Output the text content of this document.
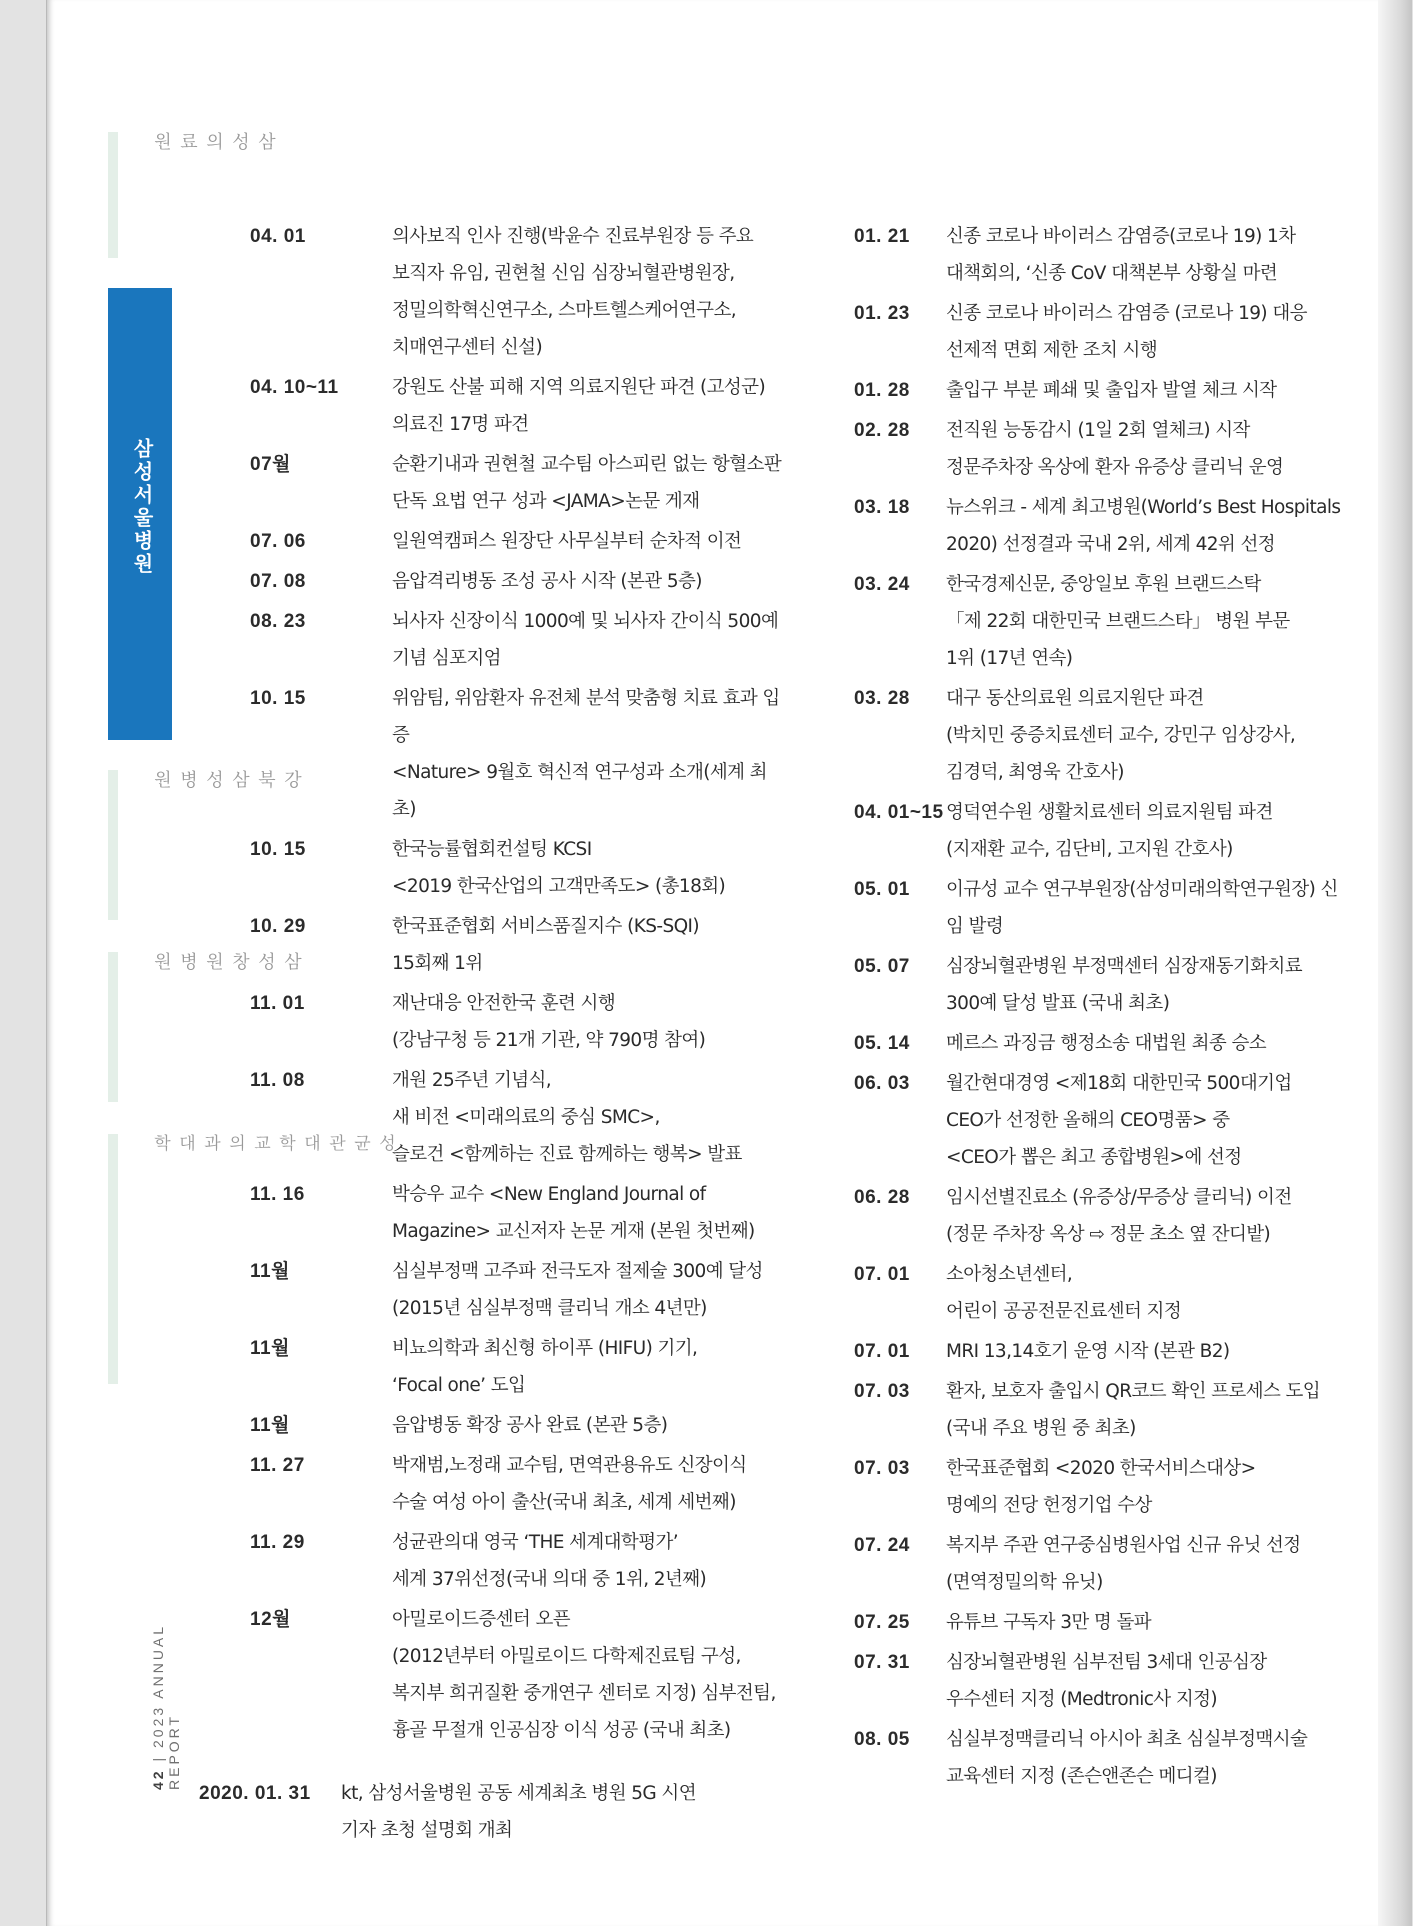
삼성의료원
삼성서울병원
강북삼성병원
삼성창원병원
성균관대학교 의과대학
42 | 2023 ANNUAL REPORT
04. 01	의사보직 인사 진행(박윤수 진료부원장 등 주요
보직자 유임, 권현철 신임 심장뇌혈관병원장,
정밀의학혁신연구소, 스마트헬스케어연구소,
치매연구센터 신설)
04. 10~11	강원도 산불 피해 지역 의료지원단 파견 (고성군)
의료진 17명 파견
07월	순환기내과 권현철 교수팀 아스피린 없는 항혈소판
단독 요법 연구 성과 <JAMA>논문 게재
07. 06	일원역캠퍼스 원장단 사무실부터 순차적 이전
07. 08	음압격리병동 조성 공사 시작 (본관 5층)
08. 23	뇌사자 신장이식 1000예 및 뇌사자 간이식 500예
기념 심포지엄
10. 15	위암팀, 위암환자 유전체 분석 맞춤형 치료 효과 입증
<Nature> 9월호 혁신적 연구성과 소개(세계 최초)
10. 15	한국능률협회컨설팅 KCSI
<2019 한국산업의 고객만족도> (총18회)
10. 29	한국표준협회 서비스품질지수 (KS-SQI)
15회째 1위
11. 01	재난대응 안전한국 훈련 시행
(강남구청 등 21개 기관, 약 790명 참여)
11. 08	개원 25주년 기념식,
새 비전 <미래의료의 중심 SMC>,
슬로건 <함께하는 진료 함께하는 행복> 발표
11. 16	박승우 교수 <New England Journal of
Magazine> 교신저자 논문 게재 (본원 첫번째)
11월	심실부정맥 고주파 전극도자 절제술 300예 달성
(2015년 심실부정맥 클리닉 개소 4년만)
11월	비뇨의학과 최신형 하이푸 (HIFU) 기기,
‘Focal one’ 도입
11월	음압병동 확장 공사 완료 (본관 5층)
11. 27	박재범,노정래 교수팀, 면역관용유도 신장이식
수술 여성 아이 출산(국내 최초, 세계 세번째)
11. 29	성균관의대 영국 ‘THE 세계대학평가’
세계 37위선정(국내 의대 중 1위, 2년째)
12월	아밀로이드증센터 오픈
(2012년부터 아밀로이드 다학제진료팀 구성,
복지부 희귀질환 중개연구 센터로 지정) 심부전팀,
흉골 무절개 인공심장 이식 성공 (국내 최초)
2020. 01. 31	kt, 삼성서울병원 공동 세계최초 병원 5G 시연
기자 초청 설명회 개최
01. 21	신종 코로나 바이러스 감염증(코로나 19) 1차
대책회의, ‘신종 CoV 대책본부 상황실 마련
01. 23	신종 코로나 바이러스 감염증 (코로나 19) 대응
선제적 면회 제한 조치 시행
01. 28	출입구 부분 폐쇄 및 출입자 발열 체크 시작
02. 28	전직원 능동감시 (1일 2회 열체크) 시작
정문주차장 옥상에 환자 유증상 클리닉 운영
03. 18	뉴스위크 - 세계 최고병원(World’s Best Hospitals
2020) 선정결과 국내 2위, 세계 42위 선정
03. 24	한국경제신문, 중앙일보 후원 브랜드스탁
「제 22회 대한민국 브랜드스타」 병원 부문
1위 (17년 연속)
03. 28	대구 동산의료원 의료지원단 파견
(박치민 중증치료센터 교수, 강민구 임상강사,
김경덕, 최영욱 간호사)
04. 01~15 영덕연수원 생활치료센터 의료지원팀 파견
(지재환 교수, 김단비, 고지원 간호사)
05. 01	이규성 교수 연구부원장(삼성미래의학연구원장) 신
임 발령
05. 07	심장뇌혈관병원 부정맥센터 심장재동기화치료
300예 달성 발표 (국내 최초)
05. 14	메르스 과징금 행정소송 대법원 최종 승소
06. 03	월간현대경영 <제18회 대한민국 500대기업
CEO가 선정한 올해의 CEO명품> 중
<CEO가 뽑은 최고 종합병원>에 선정
06. 28	임시선별진료소 (유증상/무증상 클리닉) 이전
(정문 주차장 옥상 ⇨ 정문 초소 옆 잔디밭)
07. 01	소아청소년센터,
어린이 공공전문진료센터 지정
07. 01	MRI 13,14호기 운영 시작 (본관 B2)
07. 03	환자, 보호자 출입시 QR코드 확인 프로세스 도입
(국내 주요 병원 중 최초)
07. 03	한국표준협회 <2020 한국서비스대상>
명예의 전당 헌정기업 수상
07. 24	복지부 주관 연구중심병원사업 신규 유닛 선정
(면역정밀의학 유닛)
07. 25	유튜브 구독자 3만 명 돌파
07. 31	심장뇌혈관병원 심부전팀 3세대 인공심장
우수센터 지정 (Medtronic사 지정)
08. 05	심실부정맥클리닉 아시아 최초 심실부정맥시술
교육센터 지정 (존슨앤존슨 메디컬)
